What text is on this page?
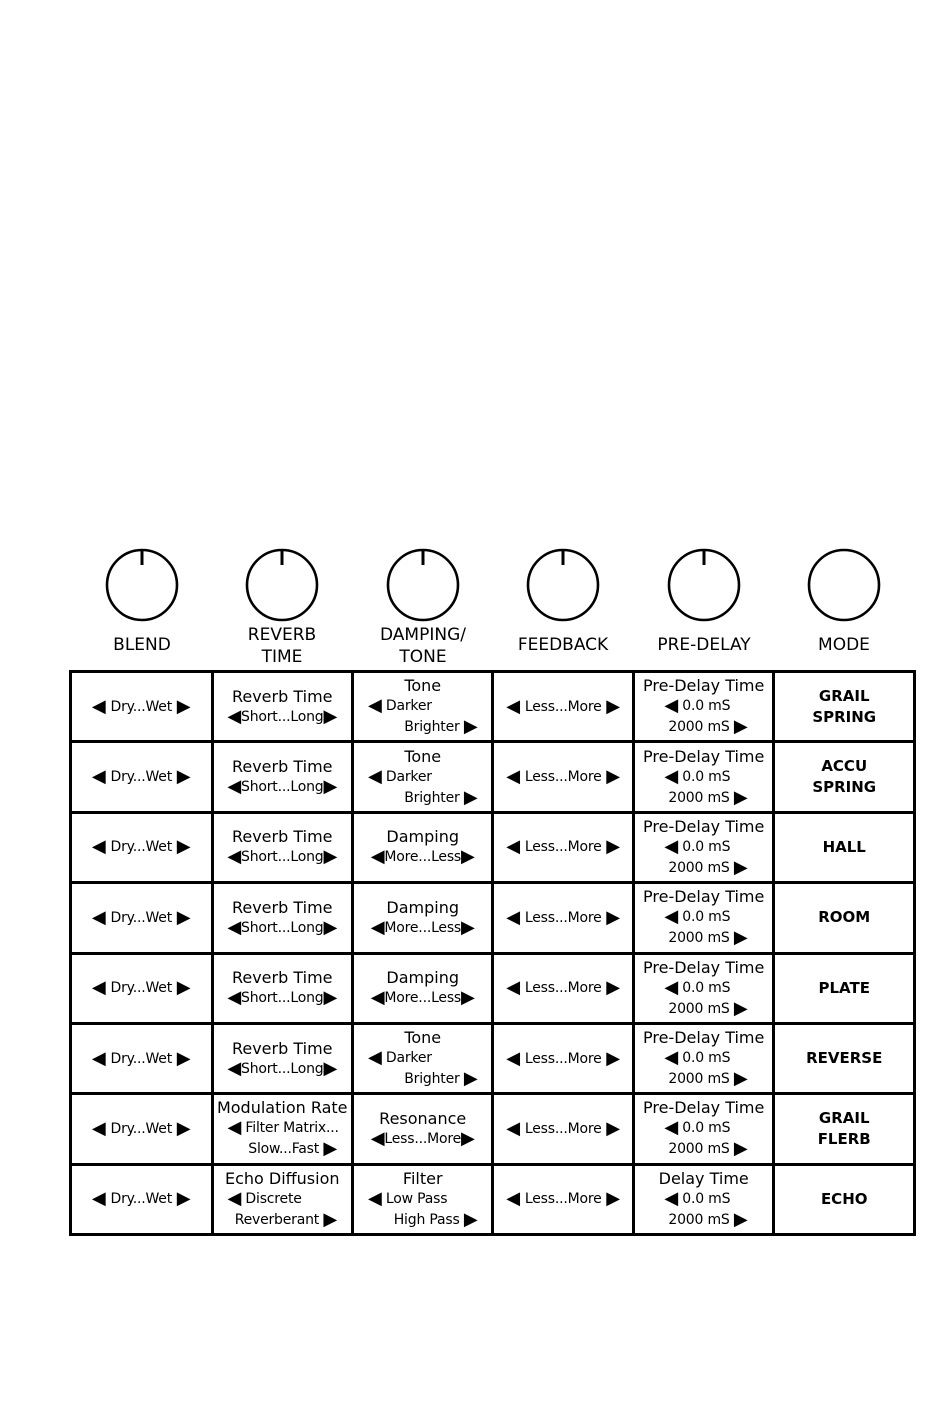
BLEND	REVERB
TIME
DAMPING/
TONE
FEEDBACK	PRE-DELAY	MODE
◀ Dry...Wet ▶	Reverb Time
◀Short...Long▶	Tone
◀ Darker
Brighter ▶	◀ Less...More ▶	Pre-Delay Time
◀ 0.0 mS
2000 mS ▶	GRAIL
SPRING

◀ Dry...Wet ▶	Reverb Time
◀Short...Long▶	Tone
◀ Darker
Brighter ▶	◀ Less...More ▶	Pre-Delay Time
◀ 0.0 mS
2000 mS ▶	ACCU
SPRING

◀ Dry...Wet ▶	Reverb Time
◀Short...Long▶	Damping
◀More...Less▶	◀ Less...More ▶	Pre-Delay Time
◀ 0.0 mS
2000 mS ▶	HALL

◀ Dry...Wet ▶	Reverb Time
◀Short...Long▶	Damping
◀More...Less▶	◀ Less...More ▶	Pre-Delay Time
◀ 0.0 mS
2000 mS ▶	ROOM

◀ Dry...Wet ▶	Reverb Time
◀Short...Long▶	Damping
◀More...Less▶	◀ Less...More ▶	Pre-Delay Time
◀ 0.0 mS
2000 mS ▶	PLATE

◀ Dry...Wet ▶	Reverb Time
◀Short...Long▶	Tone
◀ Darker
Brighter ▶	◀ Less...More ▶	Pre-Delay Time
◀ 0.0 mS
2000 mS ▶	REVERSE

◀ Dry...Wet ▶	Modulation Rate
◀ Filter Matrix...
Slow...Fast ▶	Resonance
◀Less...More▶	◀ Less...More ▶	Pre-Delay Time
◀ 0.0 mS
2000 mS ▶	GRAIL
FLERB

◀ Dry...Wet ▶	Echo Diffusion
◀ Discrete
Reverberant ▶	Filter
◀ Low Pass
High Pass ▶	◀ Less...More ▶	Delay Time
◀ 0.0 mS
2000 mS ▶	ECHO
